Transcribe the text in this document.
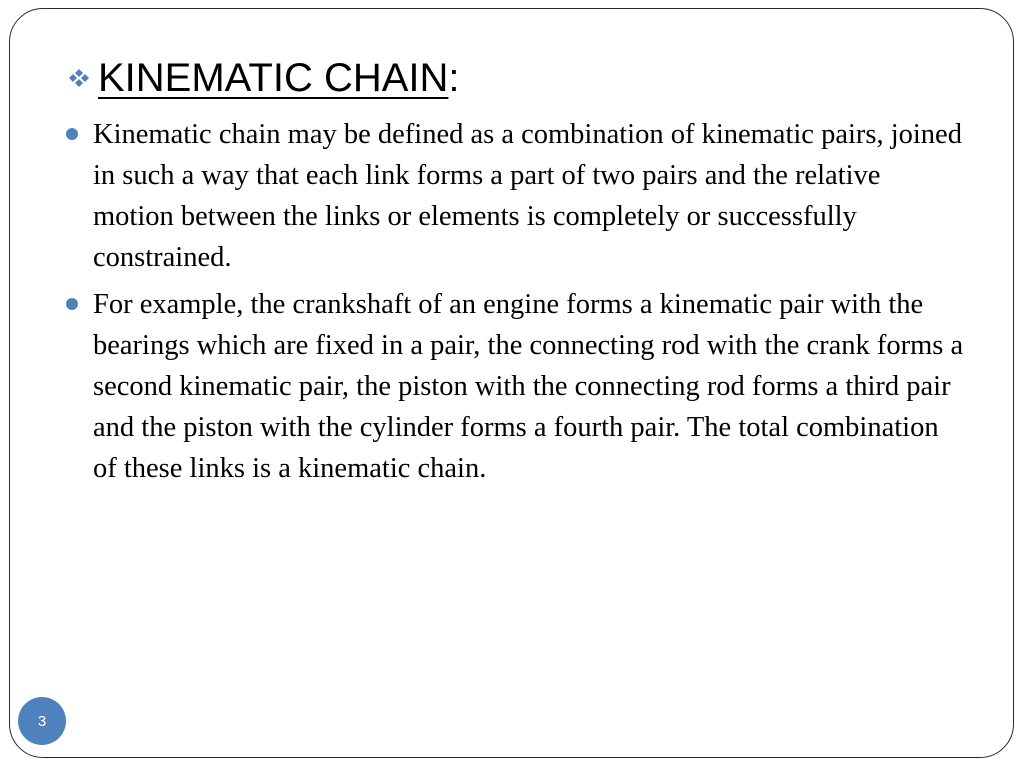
KINEMATIC CHAIN :
Kinematic chain may be defined as a combination of kinematic pairs, joined in such a way that each link forms a part of two pairs and the relative motion between the links or elements is completely or successfully constrained.
For example, the crankshaft of an engine forms a kinematic pair with the bearings which are fixed in a pair, the connecting rod with the crank forms a second kinematic pair, the piston with the connecting rod forms a third pair and the piston with the cylinder forms a fourth pair. The total combination of these links is a kinematic chain.
3
